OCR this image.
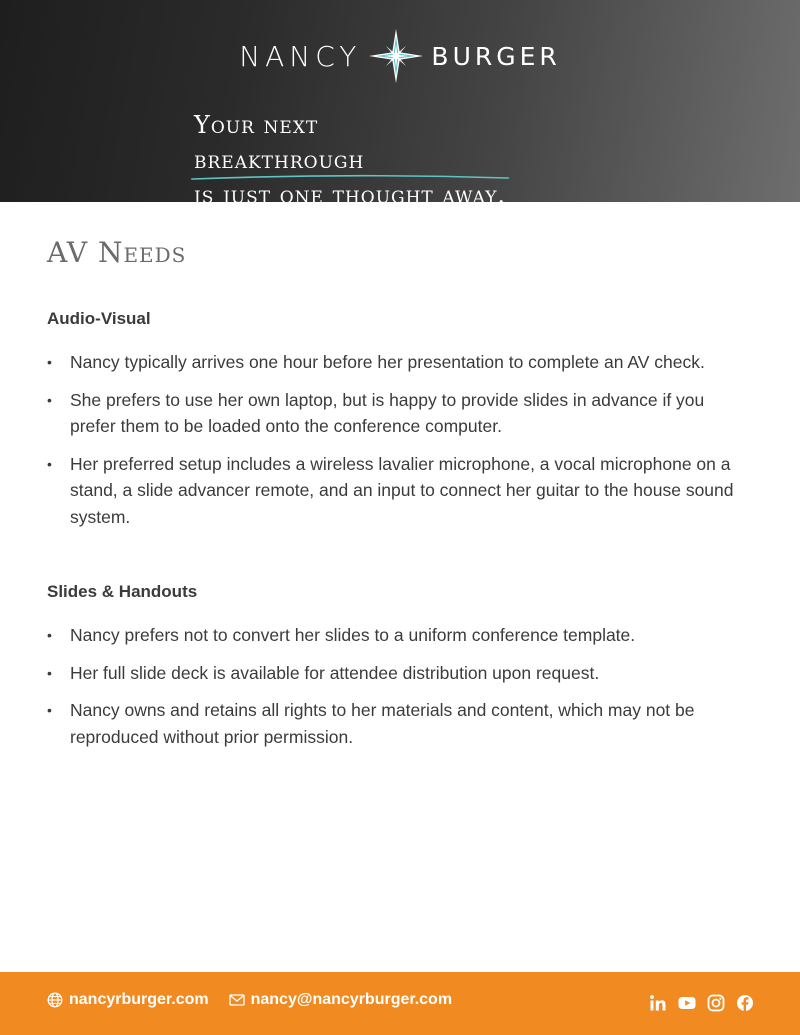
NANCY	BURGER
Your next
breakthrough
is just one thought away.
AV Needs
Audio-Visual
• Nancy typically arrives one hour before her presentation to complete an AV check.
• She prefers to use her own laptop, but is happy to provide slides in advance if you prefer them to be loaded onto the conference computer.
• Her preferred setup includes a wireless lavalier microphone, a vocal microphone on a stand, a slide advancer remote, and an input to connect her guitar to the house sound system.
Slides & Handouts
• Nancy prefers not to convert her slides to a uniform conference template.
• Her full slide deck is available for attendee distribution upon request.
• Nancy owns and retains all rights to her materials and content, which may not be reproduced without prior permission.
nancyrburger.com	nancy@nancyrburger.com
